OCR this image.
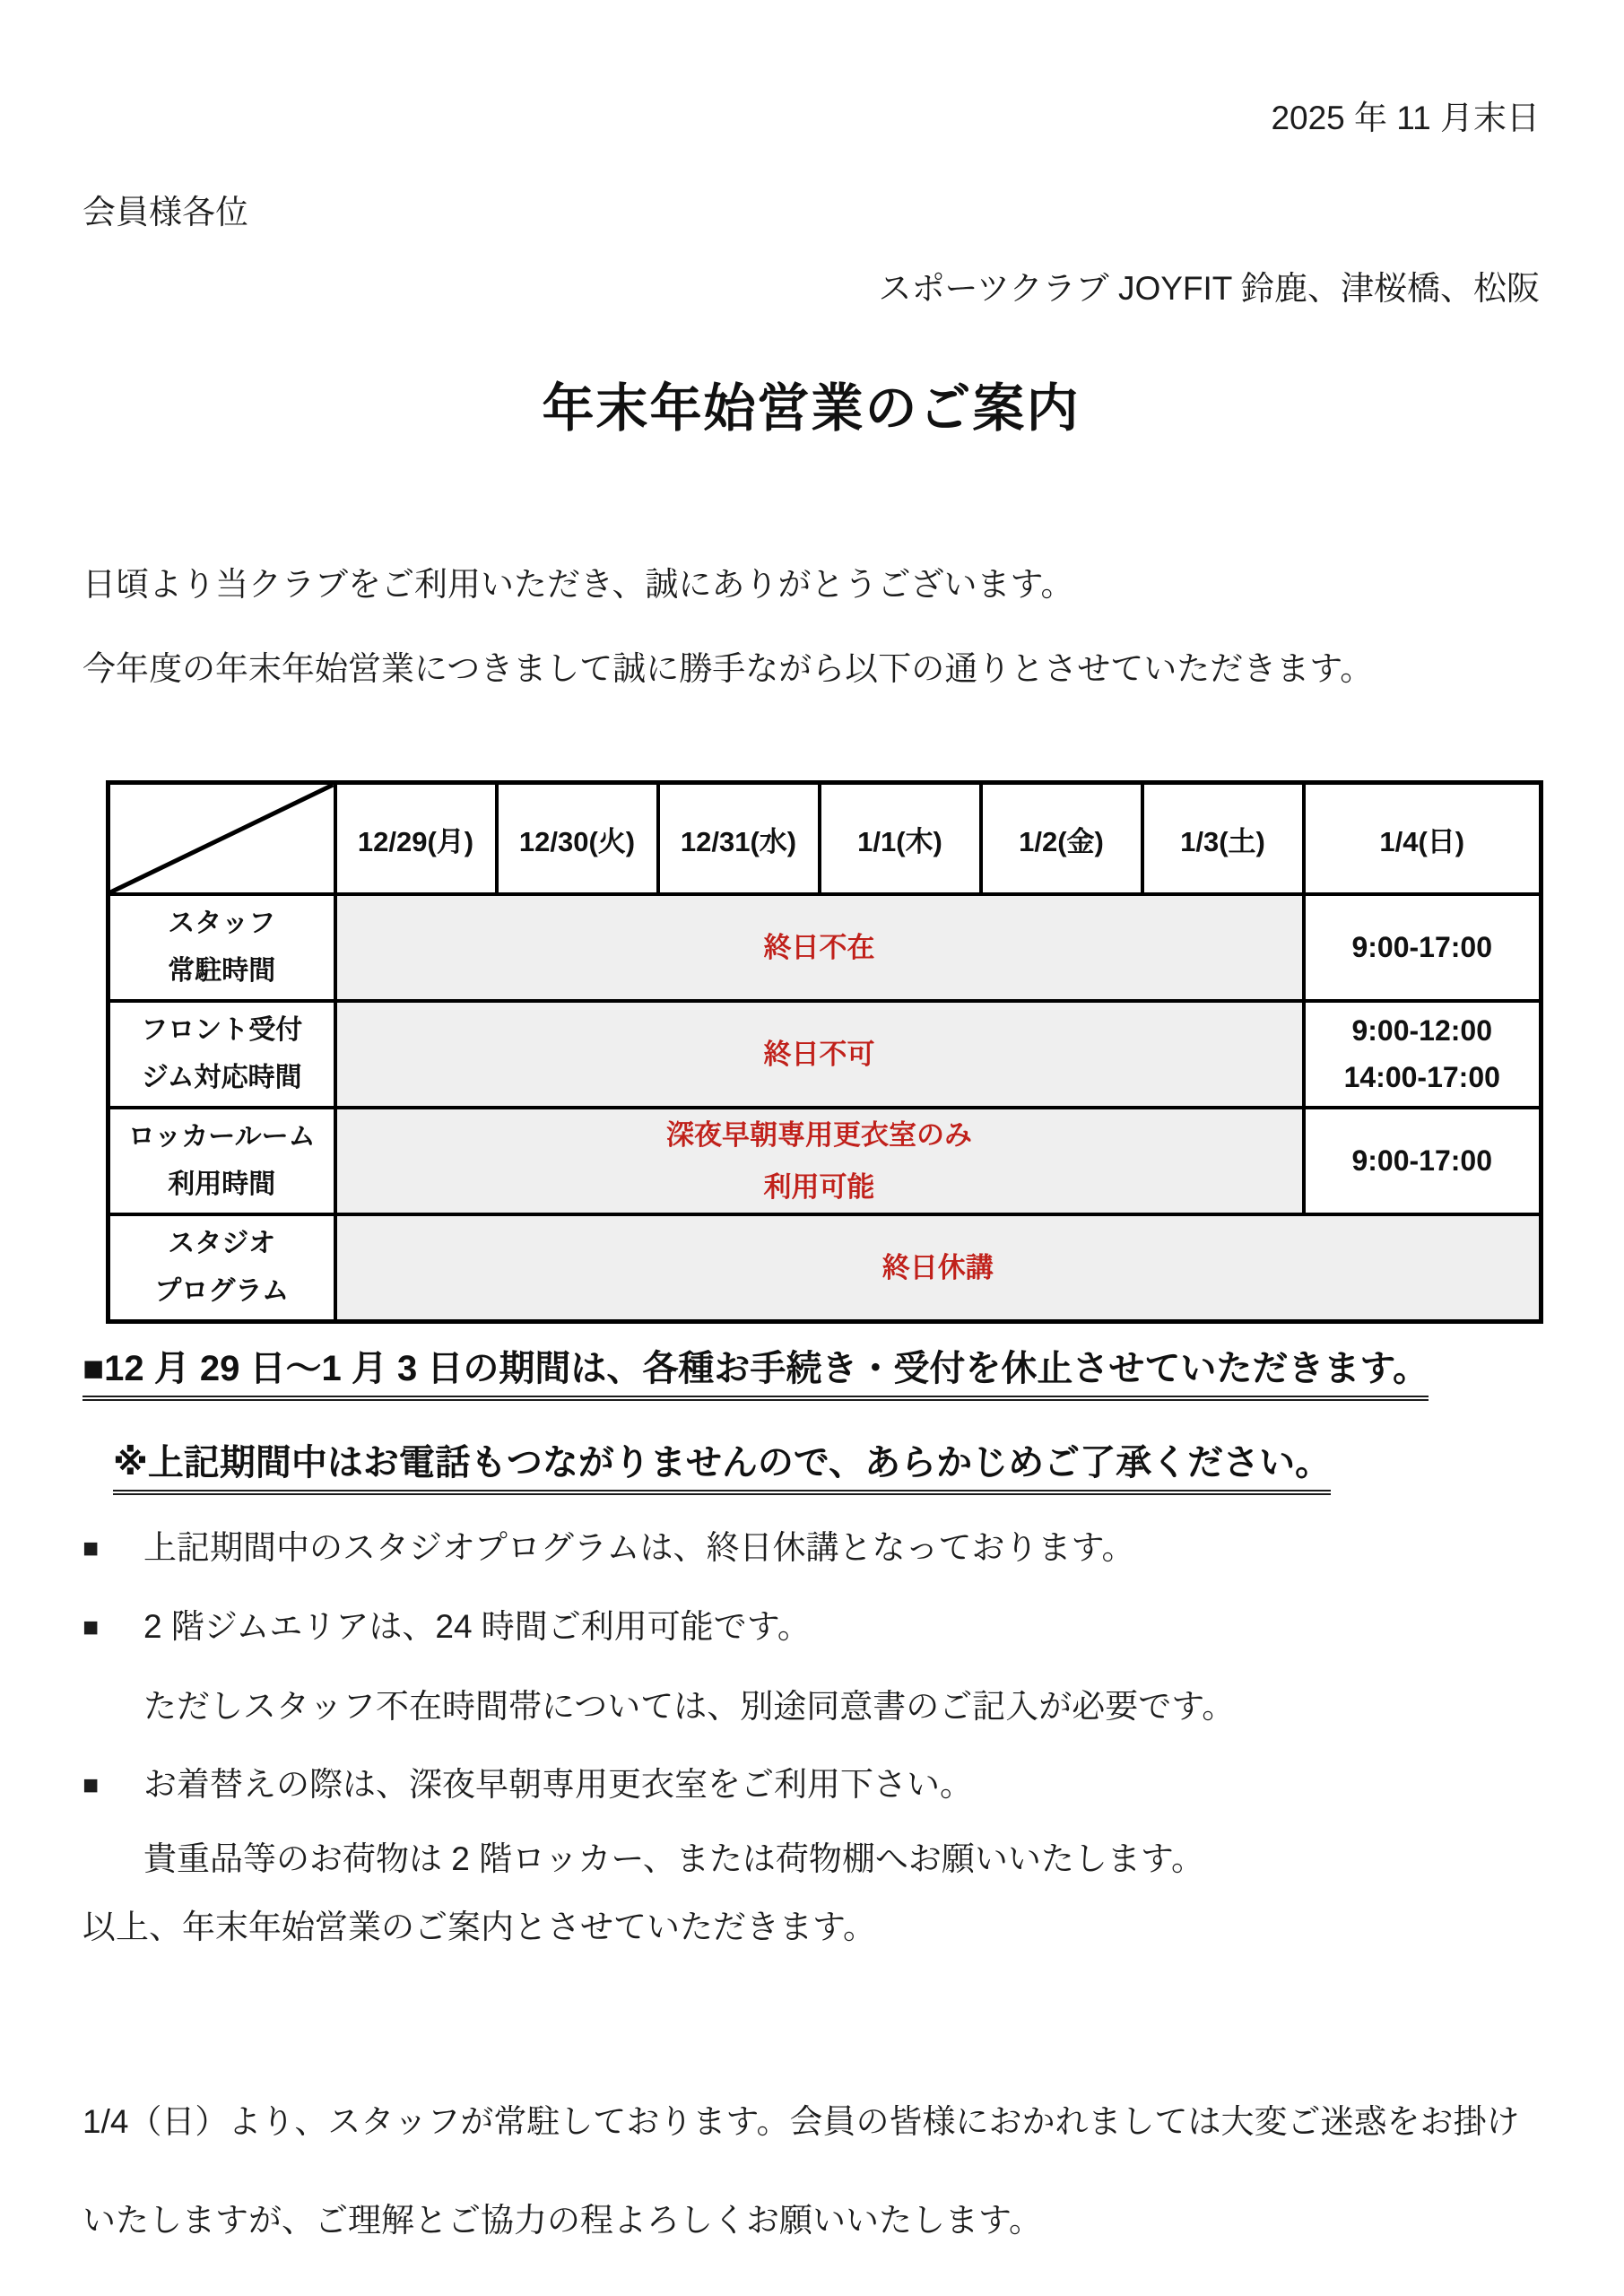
2025 年 11 月末日

会員様各位

スポーツクラブ JOYFIT 鈴鹿、津桜橋、松阪

年末年始営業のご案内

日頃より当クラブをご利用いただき、誠にありがとうございます。

今年度の年末年始営業につきまして誠に勝手ながら以下の通りとさせていただきます。

	12/29(月)	12/30(火)	12/31(水)	1/1(木)	1/2(金)	1/3(土)	1/4(日)

スタッフ
常駐時間	終日不在						9:00-17:00

フロント受付
ジム対応時間	終日不可						9:00-12:00
14:00-17:00

ロッカールーム
利用時間	深夜早朝専用更衣室のみ
利用可能						9:00-17:00

スタジオ
プログラム	終日休講						

■12 月 29 日～1 月 3 日の期間は、各種お手続き・受付を休止させていただきます。

※上記期間中はお電話もつながりませんので、あらかじめご了承ください。

■ 上記期間中のスタジオプログラムは、終日休講となっております。

■ 2 階ジムエリアは、24 時間ご利用可能です。

ただしスタッフ不在時間帯については、別途同意書のご記入が必要です。

■ お着替えの際は、深夜早朝専用更衣室をご利用下さい。

貴重品等のお荷物は 2 階ロッカー、または荷物棚へお願いいたします。

以上、年末年始営業のご案内とさせていただきます。

1/4（日）より、スタッフが常駐しております。会員の皆様におかれましては大変ご迷惑をお掛け
いたしますが、ご理解とご協力の程よろしくお願いいたします。
